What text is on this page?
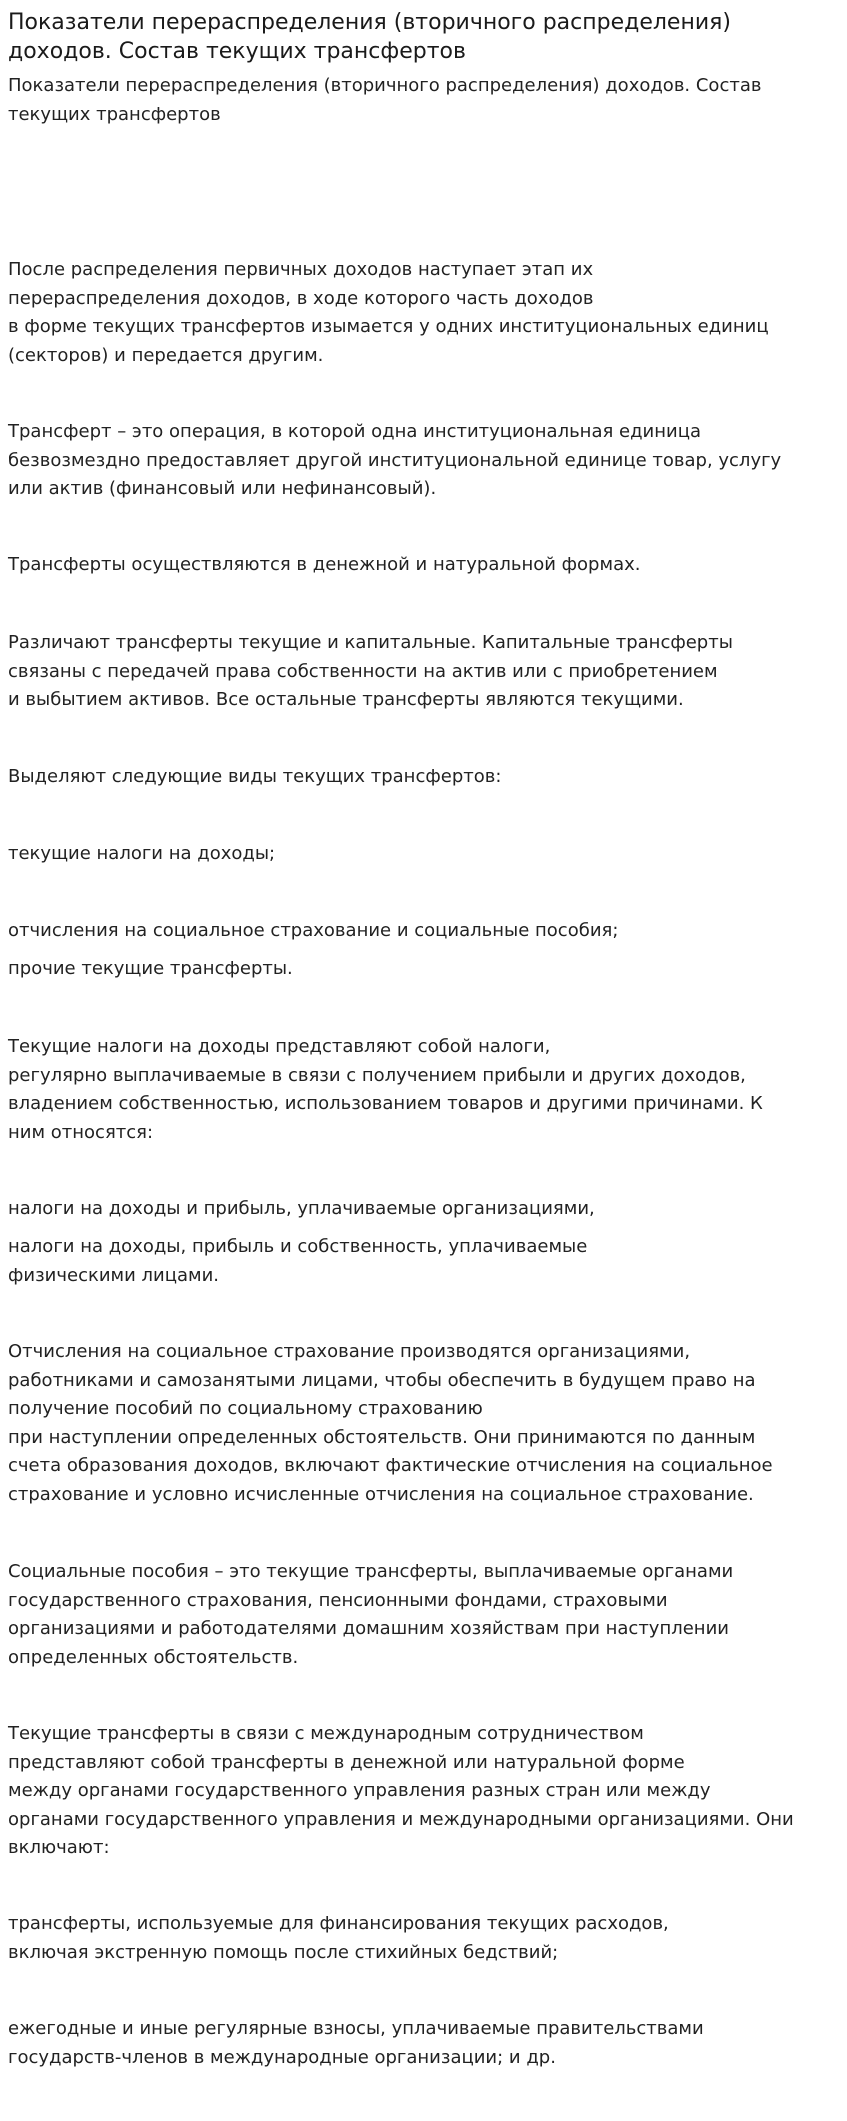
Показатели перераспределения (вторичного распределения) доходов. Состав текущих трансфертов

Показатели перераспределения (вторичного распределения) доходов. Состав
текущих трансфертов

После распределения первичных доходов наступает этап их
перераспределения доходов, в ходе которого часть доходов
в форме текущих трансфертов изымается у одних институциональных единиц
(секторов) и передается другим.

Трансферт – это операция, в которой одна институциональная единица
безвозмездно предоставляет другой институциональной единице товар, услугу
или актив (финансовый или нефинансовый).

Трансферты осуществляются в денежной и натуральной формах.

Различают трансферты текущие и капитальные. Капитальные трансферты
связаны с передачей права собственности на актив или с приобретением
и выбытием активов. Все остальные трансферты являются текущими.

Выделяют следующие виды текущих трансфертов:

текущие налоги на доходы;

отчисления на социальное страхование и социальные пособия;

прочие текущие трансферты.

Текущие налоги на доходы представляют собой налоги,
регулярно выплачиваемые в связи с получением прибыли и других доходов,
владением собственностью, использованием товаров и другими причинами. К
ним относятся:

налоги на доходы и прибыль, уплачиваемые организациями,

налоги на доходы, прибыль и собственность, уплачиваемые
физическими лицами.

Отчисления на социальное страхование производятся организациями,
работниками и самозанятыми лицами, чтобы обеспечить в будущем право на
получение пособий по социальному страхованию
при наступлении определенных обстоятельств. Они принимаются по данным
счета образования доходов, включают фактические отчисления на социальное
страхование и условно исчисленные отчисления на социальное страхование.

Социальные пособия – это текущие трансферты, выплачиваемые органами
государственного страхования, пенсионными фондами, страховыми
организациями и работодателями домашним хозяйствам при наступлении
определенных обстоятельств.

Текущие трансферты в связи с международным сотрудничеством
представляют собой трансферты в денежной или натуральной форме
между органами государственного управления разных стран или между
органами государственного управления и международными организациями. Они
включают:

трансферты, используемые для финансирования текущих расходов,
включая экстренную помощь после стихийных бедствий;

ежегодные и иные регулярные взносы, уплачиваемые правительствами
государств-членов в международные организации; и др.
